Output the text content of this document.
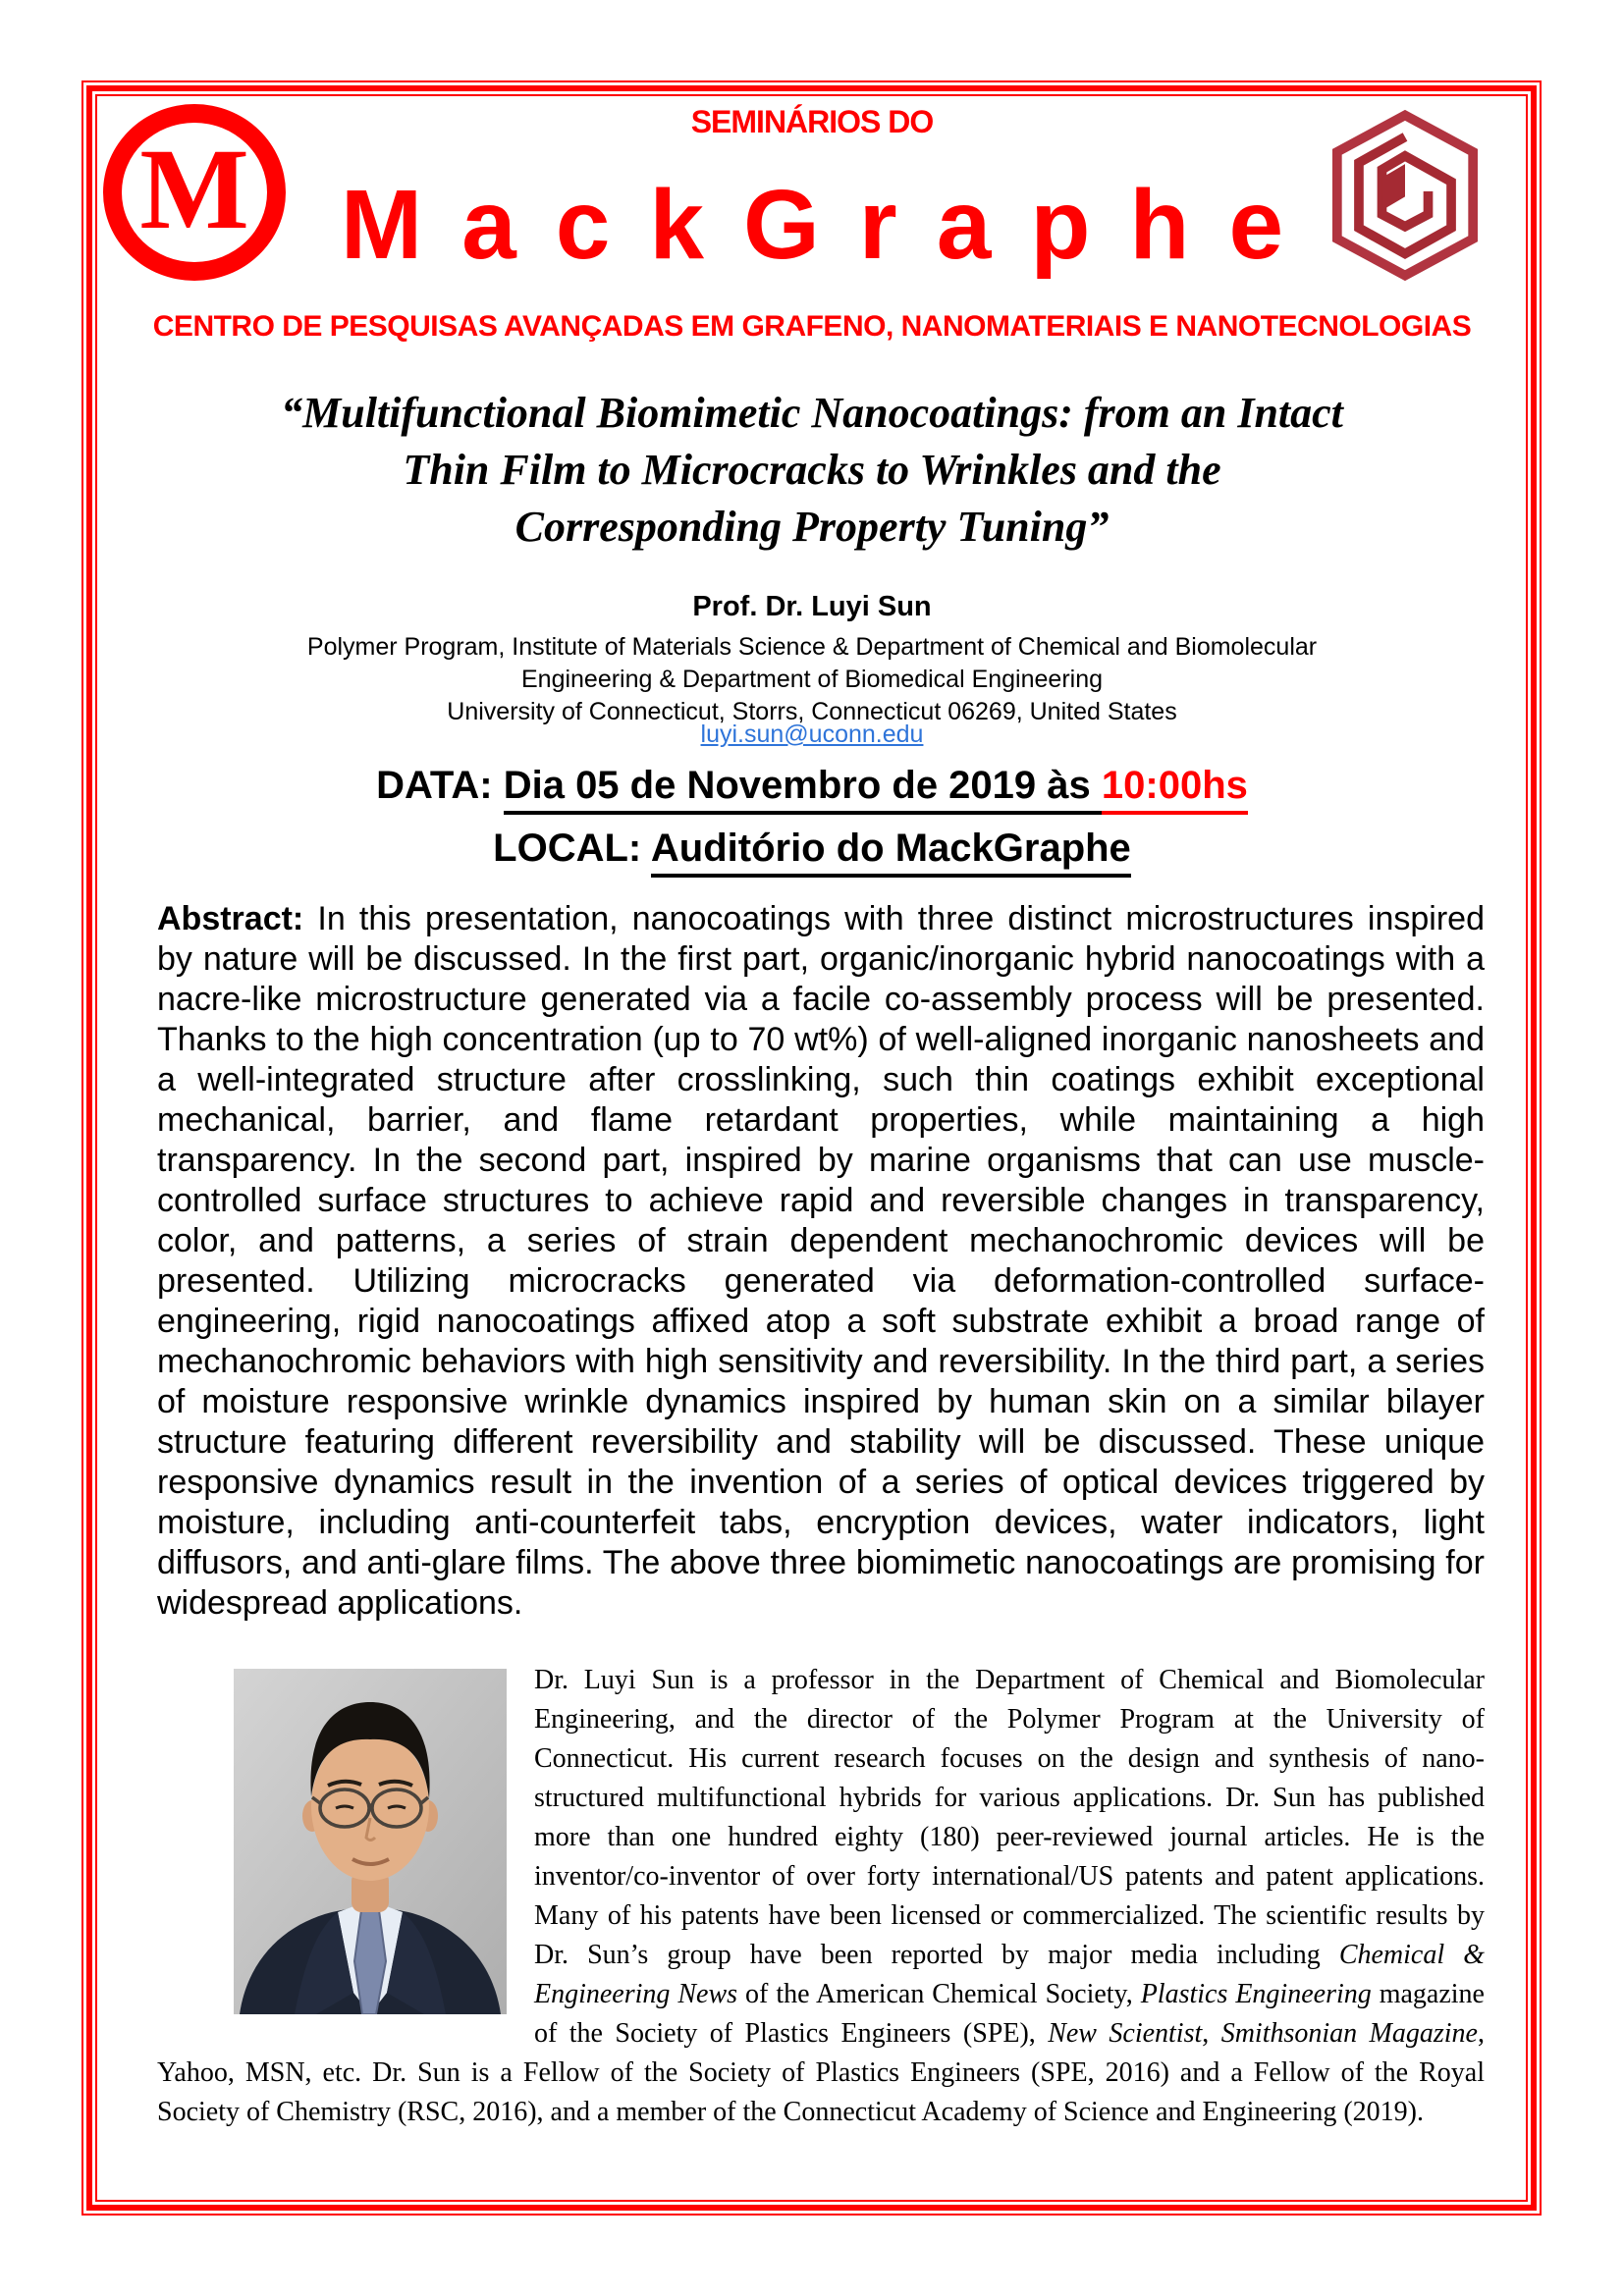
M
SEMINÁRIOS DO
MackGraphe
CENTRO DE PESQUISAS AVANÇADAS EM GRAFENO, NANOMATERIAIS E NANOTECNOLOGIAS
“Multifunctional Biomimetic Nanocoatings: from an Intact
Thin Film to Microcracks to Wrinkles and the
Corresponding Property Tuning”
Prof. Dr. Luyi Sun
Polymer Program, Institute of Materials Science & Department of Chemical and Biomolecular
Engineering & Department of Biomedical Engineering
University of Connecticut, Storrs, Connecticut 06269, United States
luyi.sun@uconn.edu
DATA: Dia 05 de Novembro de 2019 às 10:00hs
LOCAL: Auditório do MackGraphe
Abstract: In this presentation, nanocoatings with three distinct microstructures inspired by nature will be discussed. In the first part, organic/inorganic hybrid nanocoatings with a nacre-like microstructure generated via a facile co-assembly process will be presented. Thanks to the high concentration (up to 70 wt%) of well-aligned inorganic nanosheets and a well-integrated structure after crosslinking, such thin coatings exhibit exceptional mechanical, barrier, and flame retardant properties, while maintaining a high transparency. In the second part, inspired by marine organisms that can use muscle-controlled surface structures to achieve rapid and reversible changes in transparency, color, and patterns, a series of strain dependent mechanochromic devices will be presented. Utilizing microcracks generated via deformation-controlled surface-engineering, rigid nanocoatings affixed atop a soft substrate exhibit a broad range of mechanochromic behaviors with high sensitivity and reversibility. In the third part, a series of moisture responsive wrinkle dynamics inspired by human skin on a similar bilayer structure featuring different reversibility and stability will be discussed. These unique responsive dynamics result in the invention of a series of optical devices triggered by moisture, including anti-counterfeit tabs, encryption devices, water indicators, light diffusors, and anti-glare films. The above three biomimetic nanocoatings are promising for widespread applications.
Dr. Luyi Sun is a professor in the Department of Chemical and Biomolecular Engineering, and the director of the Polymer Program at the University of Connecticut. His current research focuses on the design and synthesis of nano-structured multifunctional hybrids for various applications. Dr. Sun has published more than one hundred eighty (180) peer-reviewed journal articles. He is the inventor/co-inventor of over forty international/US patents and patent applications. Many of his patents have been licensed or commercialized. The scientific results by Dr. Sun’s group have been reported by major media including Chemical & Engineering News of the American Chemical Society, Plastics Engineering magazine of the Society of Plastics Engineers (SPE), New Scientist, Smithsonian Magazine, Yahoo, MSN, etc. Dr. Sun is a Fellow of the Society of Plastics Engineers (SPE, 2016) and a Fellow of the Royal Society of Chemistry (RSC, 2016), and a member of the Connecticut Academy of Science and Engineering (2019).
